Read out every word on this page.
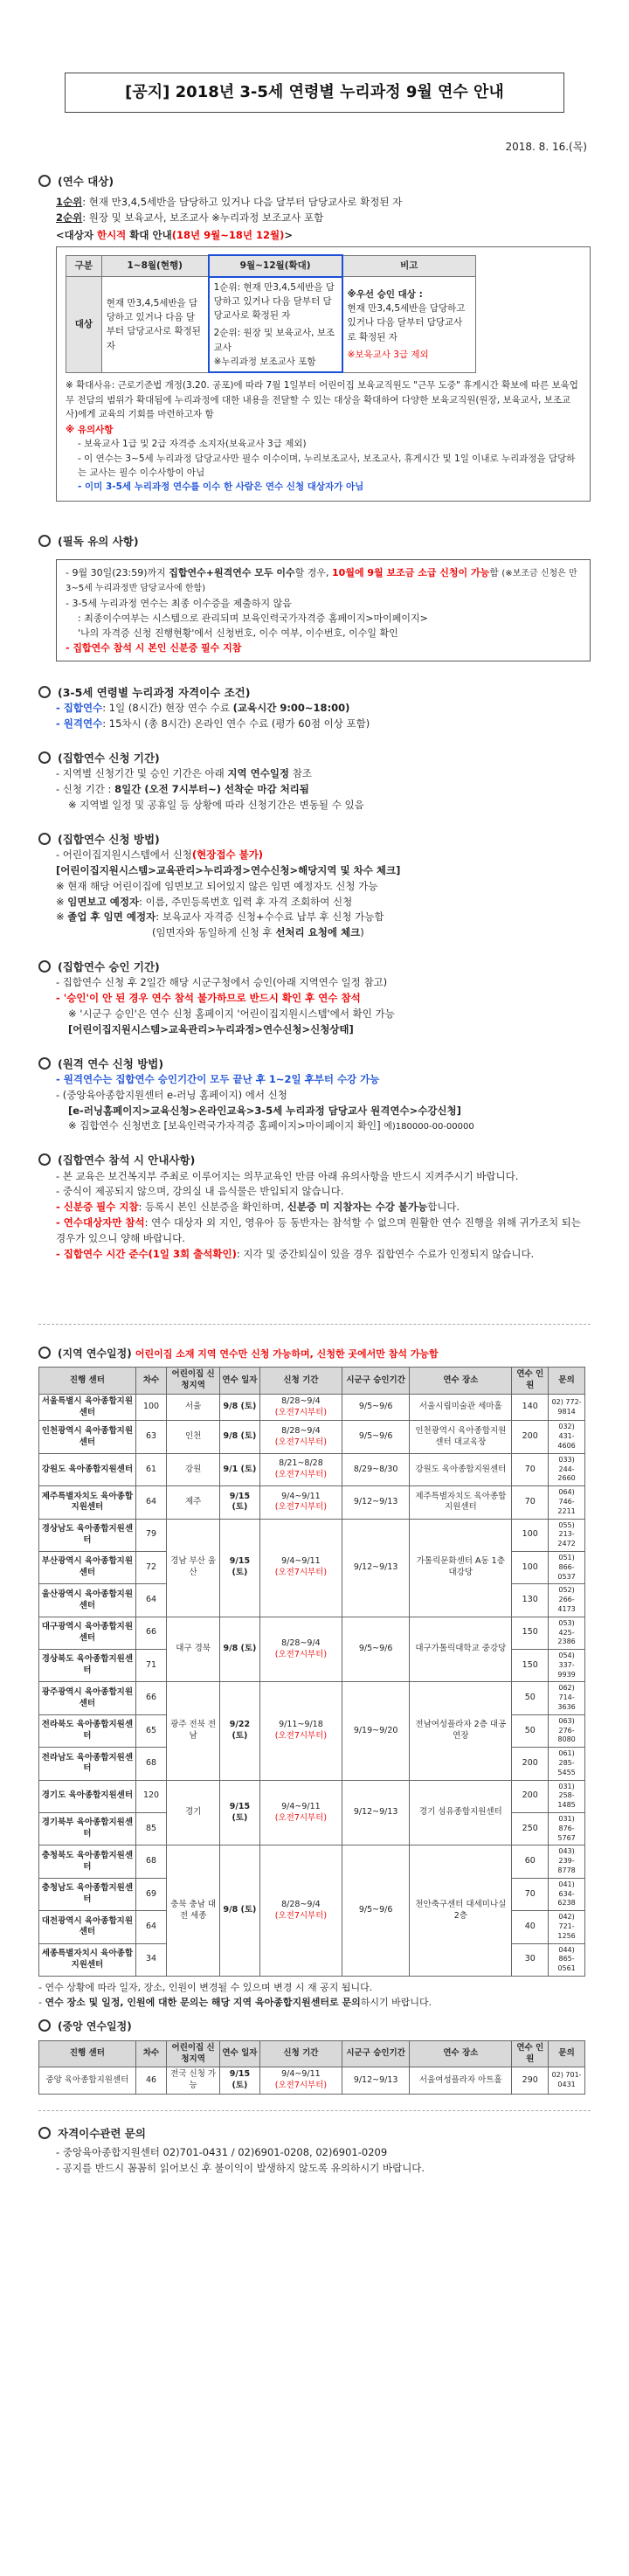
[공지] 2018년 3-5세 연령별 누리과정 9월 연수 안내
2018. 8. 16.(목)
(연수 대상)
1순위: 현재 만3,4,5세반을 담당하고 있거나 다음 달부터 담당교사로 확정된 자
2순위: 원장 및 보육교사, 보조교사 ※누리과정 보조교사 포함
<대상자 한시적 확대 안내(18년 9월~18년 12월)>
구분	1~8월(현행)	9월~12월(확대)	비고
대상	현재 만3,4,5세반을 담당하고 있거나 다음 달부터 담당교사로 확정된 자	1순위: 현재 만3,4,5세반을 담당하고 있거나 다음 달부터 담당교사로 확정된 자
2순위: 원장 및 보육교사, 보조교사
※누리과정 보조교사 포함	※우선 승인 대상 :
현재 만3,4,5세반을 담당하고 있거나 다음 달부터 담당교사로 확정된 자
※보육교사 3급 제외
※ 확대사유: 근로기준법 개정(3.20. 공포)에 따라 7월 1일부터 어린이집 보육교직원도 "근무 도중" 휴게시간 확보에 따른 보육업무 전담의 범위가 확대됨에 누리과정에 대한 내용을 전달할 수 있는 대상을 확대하여 다양한 보육교직원(원장, 보육교사, 보조교사)에게 교육의 기회를 마련하고자 함
※ 유의사항
- 보육교사 1급 및 2급 자격증 소지자(보육교사 3급 제외)
- 이 연수는 3~5세 누리과정 담당교사만 필수 이수이며, 누리보조교사, 보조교사, 휴게시간 및 1일 이내로 누리과정을 담당하는 교사는 필수 이수사항이 아님
- 이미 3-5세 누리과정 연수를 이수 한 사람은 연수 신청 대상자가 아님
(필독 유의 사항)
- 9월 30일(23:59)까지 집합연수+원격연수 모두 이수할 경우, 10월에 9월 보조금 소급 신청이 가능함 (※보조금 신청은 만3~5세 누리과정반 담당교사에 한함)
- 3-5세 누리과정 연수는 최종 이수증을 제출하지 않음
: 최종이수여부는 시스템으로 관리되며 보육인력국가자격증 홈페이지>마이페이지>
'나의 자격증 신청 진행현황'에서 신청번호, 이수 여부, 이수번호, 이수일 확인
- 집합연수 참석 시 본인 신분증 필수 지참
(3-5세 연령별 누리과정 자격이수 조건)
- 집합연수: 1일 (8시간) 현장 연수 수료 (교육시간 9:00~18:00)
- 원격연수: 15차시 (총 8시간) 온라인 연수 수료 (평가 60점 이상 포함)
(집합연수 신청 기간)
- 지역별 신청기간 및 승인 기간은 아래 지역 연수일정 참조
- 신청 기간 : 8일간 (오전 7시부터~) 선착순 마감 처리됨
※ 지역별 일정 및 공휴일 등 상황에 따라 신청기간은 변동될 수 있음
(집합연수 신청 방법)
- 어린이집지원시스템에서 신청(현장접수 불가)
[어린이집지원시스템>교육관리>누리과정>연수신청>해당지역 및 차수 체크]
※ 현재 해당 어린이집에 임면보고 되어있지 않은 임면 예정자도 신청 가능
※ 임면보고 예정자: 이름, 주민등록번호 입력 후 자격 조회하여 신청
※ 졸업 후 임면 예정자: 보육교사 자격증 신청+수수료 납부 후 신청 가능함
(임면자와 동일하게 신청 후 선처리 요청에 체크)
(집합연수 승인 기간)
- 집합연수 신청 후 2일간 해당 시군구청에서 승인(아래 지역연수 일정 참고)
- '승인'이 안 된 경우 연수 참석 불가하므로 반드시 확인 후 연수 참석
※ '시군구 승인'은 연수 신청 홈페이지 '어린이집지원시스템'에서 확인 가능
[어린이집지원시스템>교육관리>누리과정>연수신청>신청상태]
(원격 연수 신청 방법)
- 원격연수는 집합연수 승인기간이 모두 끝난 후 1~2일 후부터 수강 가능
- (중앙육아종합지원센터 e-러닝 홈페이지) 에서 신청
[e-러닝홈페이지>교육신청>온라인교육>3-5세 누리과정 담당교사 원격연수>수강신청]
※ 집합연수 신청번호 [보육인력국가자격증 홈페이지>마이페이지 확인] 예)180000-00-00000
(집합연수 참석 시 안내사항)
- 본 교육은 보건복지부 주최로 이루어지는 의무교육인 만큼 아래 유의사항을 반드시 지켜주시기 바랍니다.
- 중식이 제공되지 않으며, 강의실 내 음식물은 반입되지 않습니다.
- 신분증 필수 지참: 등록시 본인 신분증을 확인하며, 신분증 미 지참자는 수강 불가능합니다.
- 연수대상자만 참석: 연수 대상자 외 지인, 영유아 등 동반자는 참석할 수 없으며 원활한 연수 진행을 위해 귀가조치 되는 경우가 있으니 양해 바랍니다.
- 집합연수 시간 준수(1일 3회 출석확인): 지각 및 중간퇴실이 있을 경우 집합연수 수료가 인정되지 않습니다.
(지역 연수일정) 어린이집 소재 지역 연수만 신청 가능하며, 신청한 곳에서만 참석 가능함
진행 센터	차수	어린이집 신청지역	연수 일자	신청 기간	시군구 승인기간	연수 장소	연수 인원	문의
서울특별시 육아종합지원센터	100	서울	9/8 (토)	8/28~9/4
(오전7시부터)	9/5~9/6	서울시립미술관 세마홀	140	02) 772-9814
인천광역시 육아종합지원센터	63	인천	9/8 (토)	8/28~9/4
(오전7시부터)	9/5~9/6	인천광역시 육아종합지원센터 대교육장	200	032) 431-4606
강원도 육아종합지원센터	61	강원	9/1 (토)	8/21~8/28
(오전7시부터)	8/29~8/30	강원도 육아종합지원센터	70	033) 244-2660
제주특별자치도 육아종합지원센터	64	제주	9/15 (토)	9/4~9/11
(오전7시부터)	9/12~9/13	제주특별자치도 육아종합지원센터	70	064) 746-2211
경상남도 육아종합지원센터	79	경남 부산 울산	9/15 (토)	9/4~9/11
(오전7시부터)	9/12~9/13	가톨릭문화센터 A동 1층 대강당	100	055) 213-2472
부산광역시 육아종합지원센터	72						100	051) 866-0537
울산광역시 육아종합지원센터	64						130	052) 266-4173
대구광역시 육아종합지원센터	66	대구 경북	9/8 (토)	8/28~9/4
(오전7시부터)	9/5~9/6	대구가톨릭대학교 중강당	150	053) 425-2386
경상북도 육아종합지원센터	71						150	054) 337-9939
광주광역시 육아종합지원센터	66	광주 전북 전남	9/22 (토)	9/11~9/18
(오전7시부터)	9/19~9/20	전남여성플라자 2층 대공연장	50	062) 714-3636
전라북도 육아종합지원센터	65						50	063) 276-8080
전라남도 육아종합지원센터	68						200	061) 285-5455
경기도 육아종합지원센터	120	경기	9/15 (토)	9/4~9/11
(오전7시부터)	9/12~9/13	경기 섬유종합지원센터	200	031) 258-1485
경기북부 육아종합지원센터	85						250	031) 876-5767
충청북도 육아종합지원센터	68	충북 충남 대전 세종	9/8 (토)	8/28~9/4
(오전7시부터)	9/5~9/6	천안축구센터 대세미나실 2층	60	043) 239-8778
충청남도 육아종합지원센터	69						70	041) 634-6238
대전광역시 육아종합지원센터	64						40	042) 721-1256
세종특별자치시 육아종합지원센터	34						30	044) 865-0561
- 연수 상황에 따라 일자, 장소, 인원이 변경될 수 있으며 변경 시 재 공지 됩니다.
- 연수 장소 및 일정, 인원에 대한 문의는 해당 지역 육아종합지원센터로 문의하시기 바랍니다.
(중앙 연수일정)
진행 센터	차수	어린이집 신청지역	연수 일자	신청 기간	시군구 승인기간	연수 장소	연수 인원	문의
중앙 육아종합지원센터	46	전국 신청 가능	9/15 (토)	9/4~9/11
(오전7시부터)	9/12~9/13	서울여성플라자 아트홀	290	02) 701-0431
자격이수관련 문의
- 중앙육아종합지원센터 02)701-0431 / 02)6901-0208, 02)6901-0209
- 공지를 반드시 꼼꼼히 읽어보신 후 불이익이 발생하지 않도록 유의하시기 바랍니다.
